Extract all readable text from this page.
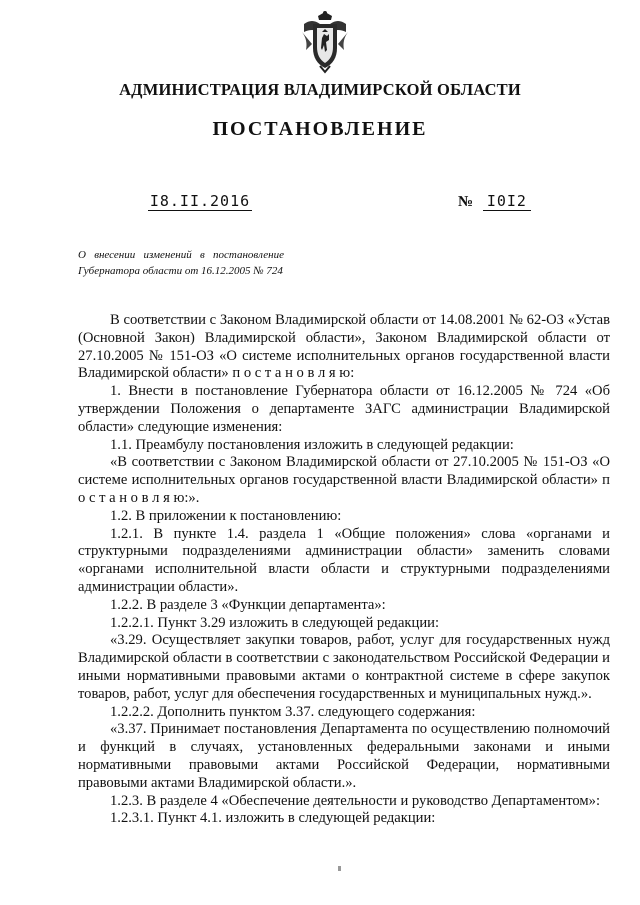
АДМИНИСТРАЦИЯ ВЛАДИМИРСКОЙ ОБЛАСТИ
ПОСТАНОВЛЕНИЕ
I8.II.2016	№ I0I2
О   внесении   изменений   в   постановление
Губернатора области от 16.12.2005 № 724

В соответствии с Законом Владимирской области от 14.08.2001 № 62-ОЗ «Устав (Основной Закон) Владимирской области», Законом Владимирской области от 27.10.2005 № 151-ОЗ «О системе исполнительных органов государственной власти Владимирской области» п о с т а н о в л я ю:

1. Внести в постановление Губернатора области от 16.12.2005 № 724 «Об утверждении Положения о департаменте ЗАГС администрации Владимирской области» следующие изменения:

1.1. Преамбулу постановления изложить в следующей редакции:

«В соответствии с Законом Владимирской области от 27.10.2005 № 151-ОЗ «О системе исполнительных органов государственной власти Владимирской области» п о с т а н о в л я ю:».

1.2. В приложении к постановлению:

1.2.1. В пункте 1.4. раздела 1 «Общие положения» слова «органами и структурными подразделениями администрации области» заменить словами «органами исполнительной власти области и структурными подразделениями администрации области».

1.2.2. В разделе 3 «Функции департамента»:

1.2.2.1. Пункт 3.29 изложить в следующей редакции:

«3.29. Осуществляет закупки товаров, работ, услуг для государственных нужд Владимирской области в соответствии с законодательством Российской Федерации и иными нормативными правовыми актами о контрактной системе в сфере закупок товаров, работ, услуг для обеспечения государственных и муниципальных нужд.».

1.2.2.2. Дополнить пунктом 3.37. следующего содержания:

«3.37. Принимает постановления Департамента по осуществлению полномочий и функций в случаях, установленных федеральными законами и иными нормативными правовыми актами Российской Федерации, нормативными правовыми актами Владимирской области.».

1.2.3. В разделе 4 «Обеспечение деятельности и руководство Департаментом»:

1.2.3.1. Пункт 4.1. изложить в следующей редакции:
